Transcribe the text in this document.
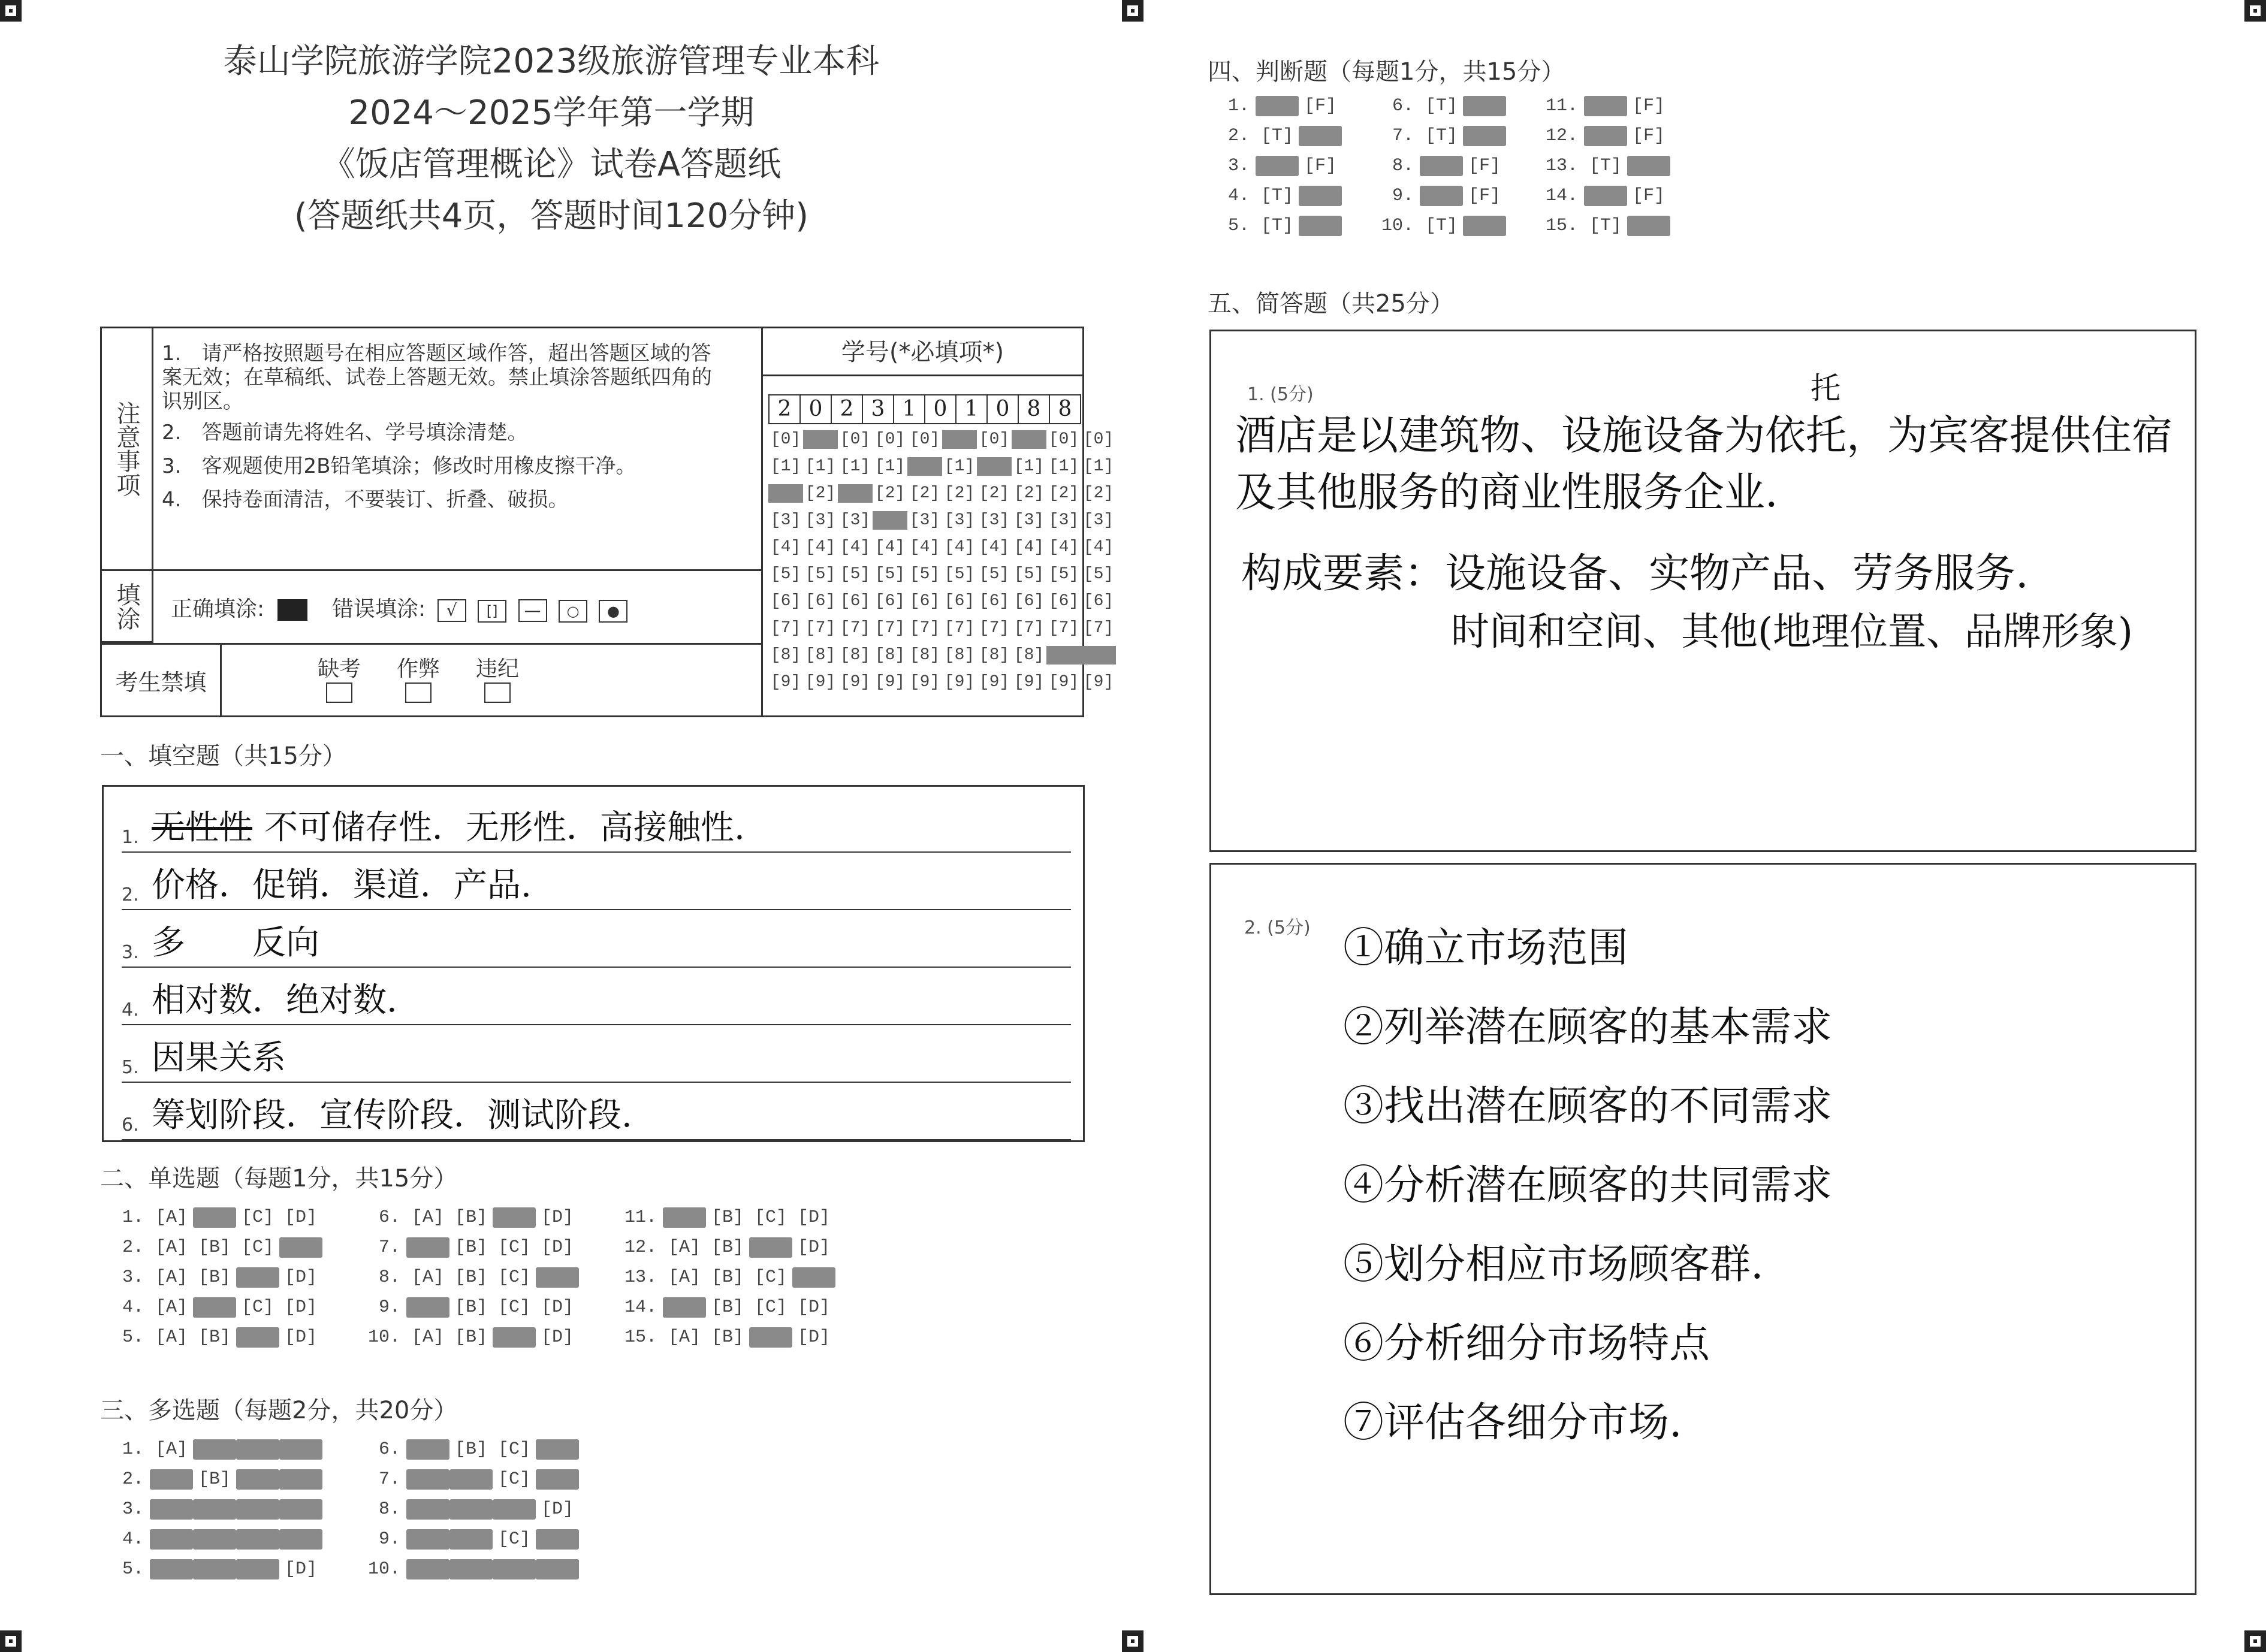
泰山学院旅游学院2023级旅游管理专业本科
2024～2025学年第一学期
《饭店管理概论》试卷A答题纸
(答题纸共4页，答题时间120分钟)
注意事项
1.　请严格按照题号在相应答题区域作答，超出答题区域的答案无效；在草稿纸、试卷上答题无效。禁止填涂答题纸四角的识别区。
2.　答题前请先将姓名、学号填涂清楚。
3.　客观题使用2B铅笔填涂；修改时用橡皮擦干净。
4.　保持卷面清洁，不要装订、折叠、破损。
填涂	正确填涂:	错误填涂: √ [] — ○ ●
考生禁填	缺考 作弊 违纪
学号(*必填项*)
2 0 2 3 1 0 1 0 8 8
[0] [0] [0] [0] [0] [0] [0] [0] [0] [0]
[1] [1] [1] [1] [1] [1] [1] [1] [1] [1]
[2] [2] [2] [2] [2] [2] [2] [2] [2] [2]
[3] [3] [3] [3] [3] [3] [3] [3] [3] [3]
[4] [4] [4] [4] [4] [4] [4] [4] [4] [4]
[5] [5] [5] [5] [5] [5] [5] [5] [5] [5]
[6] [6] [6] [6] [6] [6] [6] [6] [6] [6]
[7] [7] [7] [7] [7] [7] [7] [7] [7] [7]
[8] [8] [8] [8] [8] [8] [8] [8] [8] [8]
[9] [9] [9] [9] [9] [9] [9] [9] [9] [9]
一、填空题（共15分）
1. 无性性 不可储存性．无形性．高接触性.
2. 价格．促销．渠道．产品.
3. 多　　反向
4. 相对数．绝对数.
5. 因果关系
6. 筹划阶段．宣传阶段．测试阶段.
二、单选题（每题1分，共15分）
1. [A] [B] [C] [D]
2. [A] [B] [C] [D]
3. [A] [B] [C] [D]
4. [A] [B] [C] [D]
5. [A] [B] [C] [D]
6. [A] [B] [C] [D]
7. [A] [B] [C] [D]
8. [A] [B] [C] [D]
9. [A] [B] [C] [D]
10. [A] [B] [C] [D]
11. [A] [B] [C] [D]
12. [A] [B] [C] [D]
13. [A] [B] [C] [D]
14. [A] [B] [C] [D]
15. [A] [B] [C] [D]
三、多选题（每题2分，共20分）
1. [A] [B] [C] [D]
2. [A] [B] [C] [D]
3. [A] [B] [C] [D]
4. [A] [B] [C] [D]
5. [A] [B] [C] [D]
6. [A] [B] [C] [D]
7. [A] [B] [C] [D]
8. [A] [B] [C] [D]
9. [A] [B] [C] [D]
10. [A] [B] [C] [D]
四、判断题（每题1分，共15分）
1. [T] [F]
2. [T] [F]
3. [T] [F]
4. [T] [F]
5. [T] [F]
6. [T] [F]
7. [T] [F]
8. [T] [F]
9. [T] [F]
10. [T] [F]
11. [T] [F]
12. [T] [F]
13. [T] [F]
14. [T] [F]
15. [T] [F]
五、简答题（共25分）
1. (5分)	托
酒店是以建筑物、设施设备为依托，为宾客提供住宿
及其他服务的商业性服务企业.
构成要素：设施设备、实物产品、劳务服务.
时间和空间、其他(地理位置、品牌形象)
2. (5分) ①确立市场范围
②列举潜在顾客的基本需求
③找出潜在顾客的不同需求
④分析潜在顾客的共同需求
⑤划分相应市场顾客群.
⑥分析细分市场特点
⑦评估各细分市场.
